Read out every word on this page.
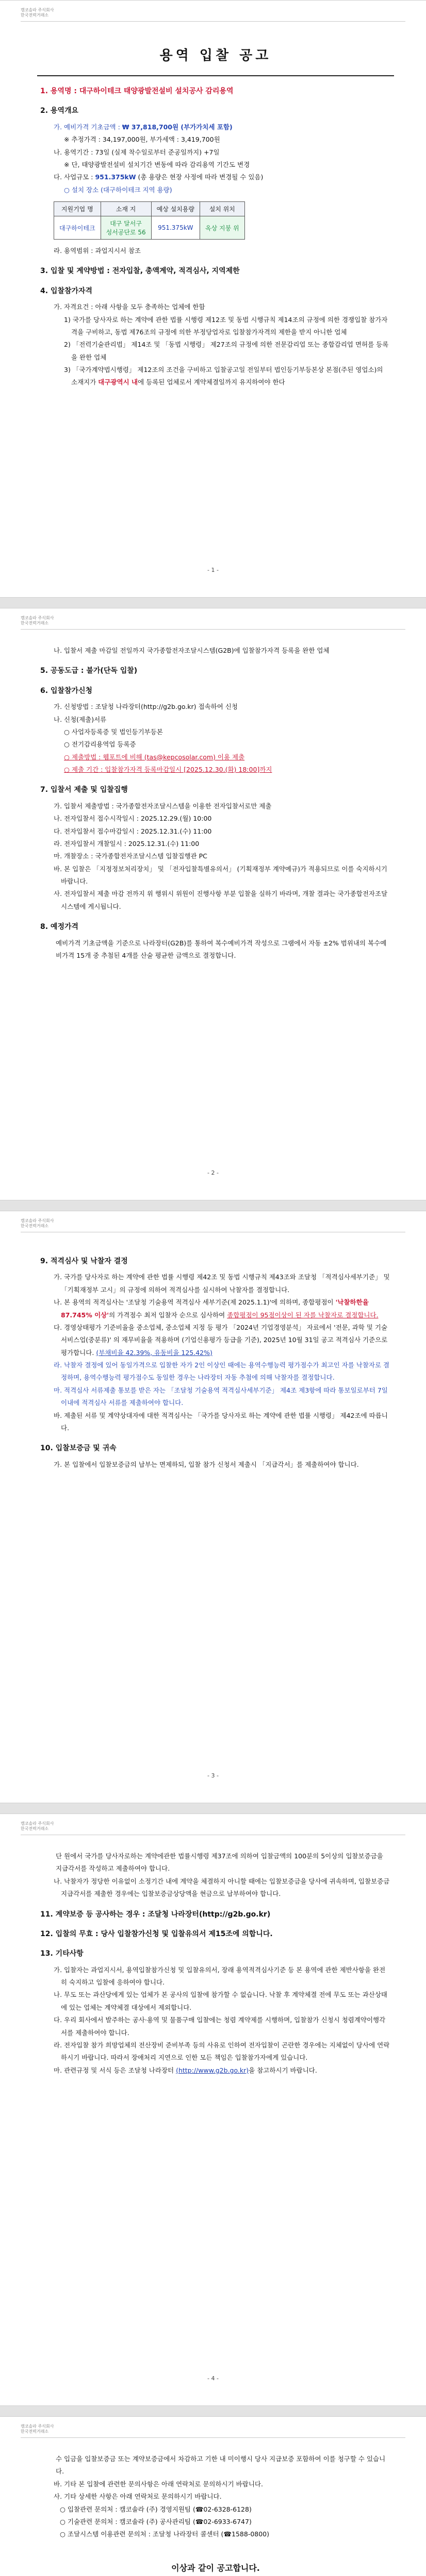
캠코솔라 주식회사
한국전력거래소
용역 입찰 공고
1. 용역명 : 대구하이테크 태양광발전설비 설치공사 감리용역
2. 용역개요

가. 예비가격 기초금액 : ₩ 37,818,700원 (부가가치세 포함)

※ 추정가격 : 34,197,000원, 부가세액 : 3,419,700원

나. 용역기간 : 73일 (실제 착수일로부터 준공일까지) +7일

※ 단, 태양광발전설비 설치기간 변동에 따라 감리용역 기간도 변경

다. 사업규모 : 951.375kW (총 용량은 현장 사정에 따라 변경될 수 있음)

○ 설치 장소 (대구하이테크 지역 용량)

지원기업 명	소재 지	예상 설치용량	설치 위치
대구하이테크	대구 달서구
성서공단로 56	951.375kW	옥상 지붕 위

라. 용역범위 : 과업지시서 참조

3. 입찰 및 계약방법 : 전자입찰, 총액계약, 적격심사, 지역제한
4. 입찰참가자격

가. 자격요건 : 아래 사항을 모두 충족하는 업체에 한함

1) 국가를 당사자로 하는 계약에 관한 법률 시행령 제12조 및 동법 시행규칙 제14조의 규정에 의한 경쟁입찰 참가자격을 구비하고, 동법 제76조의 규정에 의한 부정당업자로 입찰참가자격의 제한을 받지 아니한 업체

2) 「전력기술관리법」 제14조 및 「동법 시행령」 제27조의 규정에 의한 전문감리업 또는 종합감리업 면허를 등록을 완한 업체

3) 「국가계약법시행령」 제12조의 조건을 구비하고 입찰공고일 전일부터 법인등기부등본상 본점(주된 영업소)의 소재지가 대구광역시 내에 등록된 업체로서 계약체결일까지 유지하여야 한다

- 1 -
캠코솔라 주식회사
한국전력거래소

나. 입찰서 제출 마감일 전일까지 국가종합전자조달시스템(G2B)에 입찰참가자격 등록을 완한 업체

5. 공동도급 : 불가(단독 입찰)
6. 입찰참가신청

가. 신청방법 : 조달청 나라장터(http://g2b.go.kr) 접속하여 신청

나. 신청(제출)서류

○ 사업자등록증 및 법인등기부등본

○ 전기감리용역업 등록증

○ 제출방법 : 웹포트에 비해 (tas@kepcosolar.com) 이용 제출

○ 제출 기간 : 입찰참가자격 등록마감일시 [2025.12.30.(화) 18:00]까지

7. 입찰서 제출 및 입찰집행

가. 입찰서 제출방법 : 국가종합전자조달시스템을 이용한 전자입찰서로만 제출

나. 전자입찰서 접수시작일시 : 2025.12.29.(월) 10:00

다. 전자입찰서 접수마감일시 : 2025.12.31.(수) 11:00

라. 전자입찰서 개찰일시 : 2025.12.31.(수) 11:00

마. 개찰장소 : 국가종합전자조달시스템 입찰집행관 PC

바. 본 입찰은 「지정정보처리장치」 및 「전자입찰특별유의서」 (기획재정부 계약예규)가 적용되므로 이를 숙지하시기 바랍니다.

사. 전자입찰서 제출 마감 전까지 위 행위시 위원이 진행사항 부분 입찰을 실하기 바라며, 개찰 결과는 국가종합전자조달시스템에 게시됩니다.

8. 예정가격

예비가격 기초금액을 기준으로 나라장터(G2B)를 통하여 복수예비가격 작성으로 그램에서 자동 ±2% 범위내의 복수예비가격 15개 중 추첨된 4개를 산술 평균한 금액으로 결정합니다.

- 2 -
캠코솔라 주식회사
한국전력거래소
9. 적격심사 및 낙찰자 결정

가. 국가를 당사자로 하는 계약에 관한 법률 시행령 제42조 및 동법 시행규칙 제43조와 조달청 「적격심사세부기준」 및 「기획재정부 고시」의 규정에 의하여 적격심사를 실시하여 낙찰자를 결정합니다.

나. 본 용역의 적격심사는 '조달청 기술용역 적격심사 세부기준(제 2025.1.1)'에 의하며, 종합평점이 '낙찰하한율 87.745% 이상'의 가격점수 최저 입찰자 순으로 심사하여 종합평점이 95점이상이 된 자를 낙찰자로 결정합니다.

다. 경영상태평가 기준비율을 중소업체, 중소업체 지정 등 평가 「2024년 기업경영분석」 자료에서 '전문, 과학 및 기술서비스업(중분류)' 의 재무비율을 적용하며 (기업신용평가 등급을 기준), 2025년 10월 31일 공고 적격심사 기준으로 평가합니다. (부채비율 42.39%, 유동비율 125.42%)

라. 낙찰자 결정에 있어 동일가격으로 입찰한 자가 2인 이상인 때에는 용역수행능력 평가점수가 최고인 자를 낙찰자로 결정하며, 용역수행능력 평가점수도 동일한 경우는 나라장터 자동 추첨에 의해 낙찰자를 결정합니다.

마. 적격심사 서류제출 통보를 받은 자는 「조달청 기술용역 적격심사세부기준」 제4조 제3항에 따라 통보일로부터 7일 이내에 적격심사 서류를 제출하여야 합니다.

바. 제출된 서류 및 계약상대자에 대한 적격심사는 「국가를 당사자로 하는 계약에 관한 법률 시행령」 제42조에 따릅니다.

10. 입찰보증금 및 귀속

가. 본 입찰에서 입찰보증금의 납부는 면제하되, 입찰 참가 신청서 제출시 「지급각서」를 제출하여야 합니다.

- 3 -
캠코솔라 주식회사
한국전력거래소

단 원에서 국가를 당사자로하는 계약에관한 법률시행령 제37조에 의하여 입찰금액의 100분의 5이상의 입찰보증금을 지급각서를 작성하고 제출하여야 합니다.

나. 낙찰자가 정당한 이유없이 소정기간 내에 계약을 체결하지 아니할 때에는 입찰보증금을 당사에 귀속하며, 입찰보증금 지급각서를 제출한 경우에는 입찰보증금상당액을 현금으로 납부하여야 합니다.

11. 계약보증 등 공사하는 경우 : 조달청 나라장터(http://g2b.go.kr)
12. 입찰의 무효 : 당사 입찰참가신청 및 입찰유의서 제15조에 의합니다.
13. 기타사항

가. 입찰자는 과업지시서, 용역입찰참가신청 및 입찰유의서, 장래 용역적격심사기준 등 본 용역에 관한 제반사항을 완전히 숙지하고 입찰에 응하여야 합니다.

나. 무도 또는 과산당에게 있는 업체가 본 공사의 입찰에 참가할 수 없습니다. 낙찰 후 계약체결 전에 무도 또는 과산상태에 있는 업체는 계약체결 대상에서 제외합니다.

다. 우리 회사에서 발주하는 공사·용역 및 물품구매 입찰에는 청렴 계약제를 시행하며, 입찰참가 신청시 청렴계약이행각서를 제출하여야 합니다.

라. 전자입찰 참가 희망업체의 전산장비 준비부족 등의 사유로 인하여 전자입찰이 곤란한 경우에는 지체없이 당사에 연락하시기 바랍니다. 따라서 장애처리 지연으로 인한 모든 책임은 입찰참가자에게 있습니다.

마. 관련규정 및 서식 등은 조달청 나라장터 (http://www.g2b.go.kr)을 참고하시기 바랍니다.

- 4 -
캠코솔라 주식회사
한국전력거래소

수 입금을 입찰보증금 또는 계약보증금에서 차감하고 기한 내 미이행시 당사 지급보증 포함하여 이를 청구할 수 있습니다.

바. 기타 본 입찰에 관련한 문의사항은 아래 연락처로 문의하시기 바랍니다.

사. 기타 상세한 사항은 아래 연락처로 문의하시기 바랍니다.

○ 입찰관련 문의처 : 캠코솔라 (주) 경영지원팀 (☎02-6328-6128)

○ 기술관련 문의처 : 캠코솔라 (주) 공사관리팀 (☎02-6933-6747)

○ 조달시스템 이용관련 문의처 : 조달청 나라장터 콜센터 (☎1588-0800)

이상과 같이 공고합니다.
